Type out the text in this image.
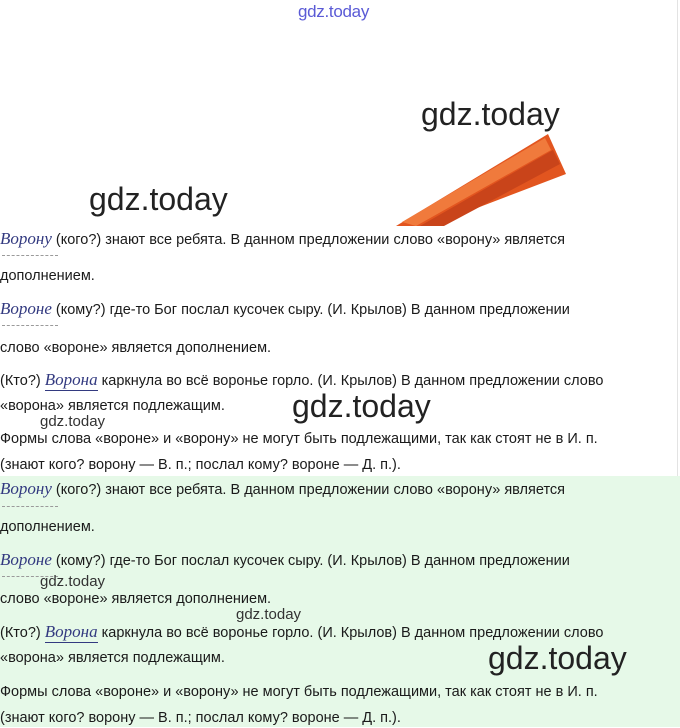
gdz.today
gdz.today
gdz.today
Ворону (кого?) знают все ребята. В данном предложении слово «ворону» является
дополнением.
Вороне (кому?) где-то Бог послал кусочек сыру. (И. Крылов) В данном предложении
слово «вороне» является дополнением.
(Кто?) Ворона каркнула во всё воронье горло. (И. Крылов) В данном предложении слово
«ворона» является подлежащим.
Формы слова «вороне» и «ворону» не могут быть подлежащими, так как стоят не в И. п.
(знают кого? ворону — В. п.; послал кому? вороне — Д. п.).
gdz.today
gdz.today
Ворону (кого?) знают все ребята. В данном предложении слово «ворону» является
дополнением.
Вороне (кому?) где-то Бог послал кусочек сыру. (И. Крылов) В данном предложении
слово «вороне» является дополнением.
(Кто?) Ворона каркнула во всё воронье горло. (И. Крылов) В данном предложении слово
«ворона» является подлежащим.
Формы слова «вороне» и «ворону» не могут быть подлежащими, так как стоят не в И. п.
(знают кого? ворону — В. п.; послал кому? вороне — Д. п.).
gdz.today
gdz.today
gdz.today
